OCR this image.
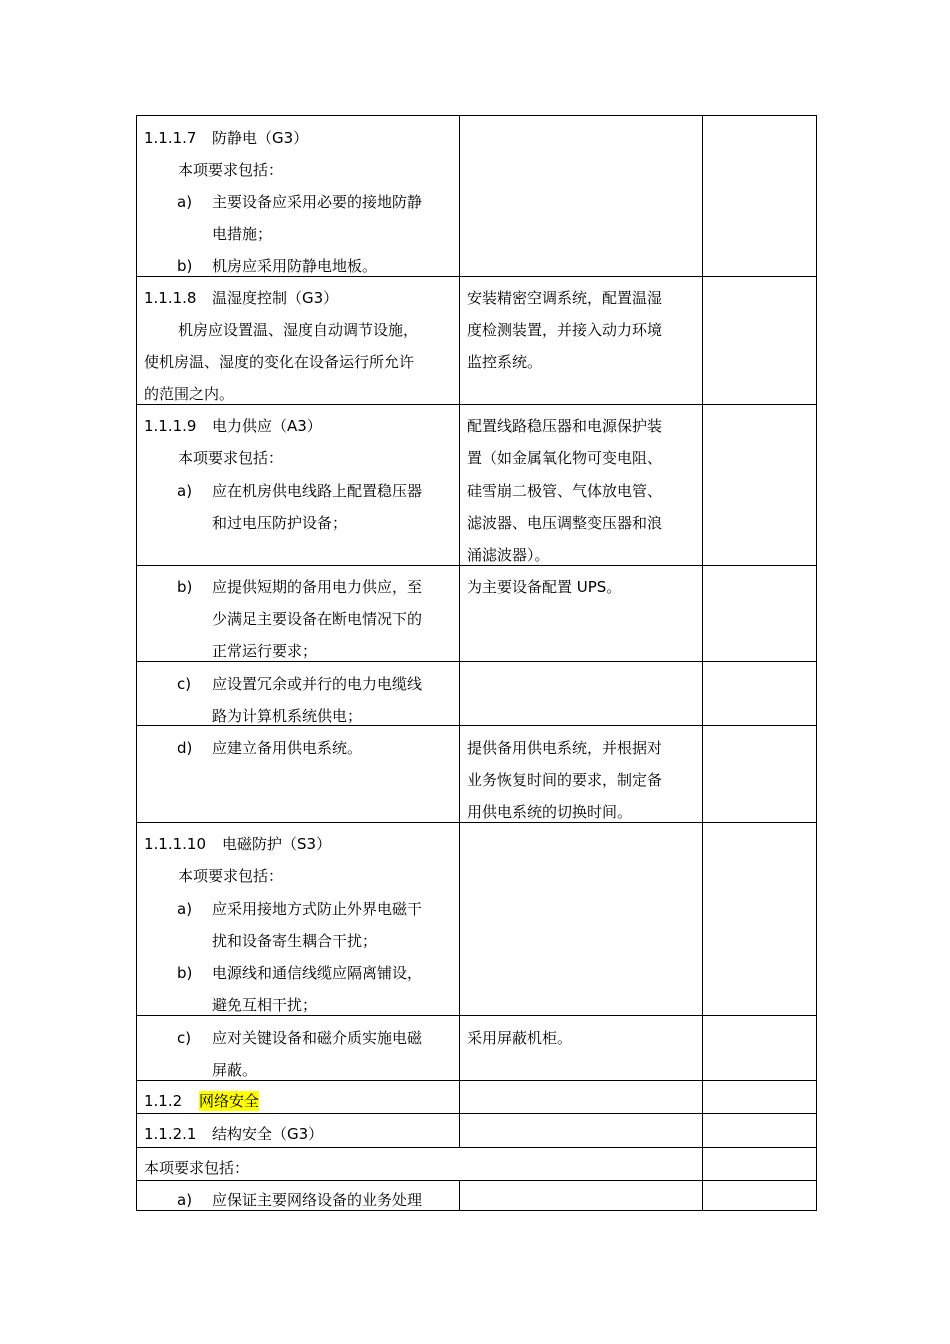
1.1.1.7 防静电（G3）
本项要求包括：
a) 主要设备应采用必要的接地防静
电措施；
b) 机房应采用防静电地板。
1.1.1.8 温湿度控制（G3）
机房应设置温、湿度自动调节设施，
使机房温、湿度的变化在设备运行所允许
的范围之内。
安装精密空调系统，配置温湿
度检测装置，并接入动力环境
监控系统。
1.1.1.9 电力供应（A3）
本项要求包括：
a) 应在机房供电线路上配置稳压器
和过电压防护设备；
配置线路稳压器和电源保护装
置（如金属氧化物可变电阻、
硅雪崩二极管、气体放电管、
滤波器、电压调整变压器和浪
涌滤波器）。
b) 应提供短期的备用电力供应，至
少满足主要设备在断电情况下的
正常运行要求；
为主要设备配置 UPS。
c) 应设置冗余或并行的电力电缆线
路为计算机系统供电；
d) 应建立备用供电系统。	提供备用供电系统，并根据对
业务恢复时间的要求，制定备
用供电系统的切换时间。
1.1.1.10 电磁防护（S3）
本项要求包括：
a) 应采用接地方式防止外界电磁干
扰和设备寄生耦合干扰；
b) 电源线和通信线缆应隔离铺设，
避免互相干扰；
c) 应对关键设备和磁介质实施电磁
屏蔽。
采用屏蔽机柜。
1.1.2 网络安全
1.1.2.1 结构安全（G3）
本项要求包括：
a) 应保证主要网络设备的业务处理
